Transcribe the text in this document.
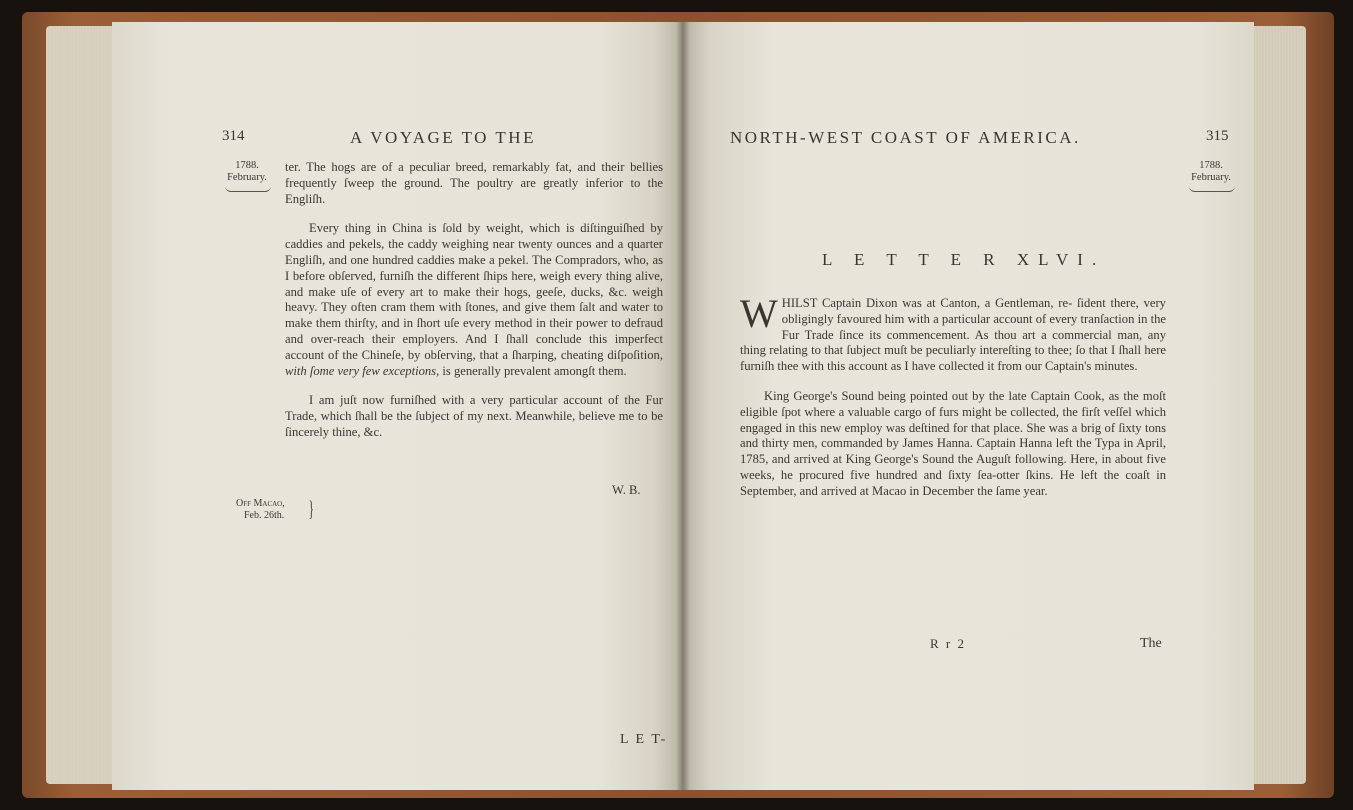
314	A VOYAGE TO THE
1788.
February.

ter. The hogs are of a peculiar breed, remarkably fat, and their bellies frequently ſweep the ground. The poultry are greatly inferior to the Engliſh.

Every thing in China is ſold by weight, which is diſtinguiſhed by caddies and pekels, the caddy weighing near twenty ounces and a quarter Engliſh, and one hundred caddies make a pekel. The Compradors, who, as I before obſerved, furniſh the different ſhips here, weigh every thing alive, and make uſe of every art to make their hogs, geeſe, ducks, &c. weigh heavy. They often cram them with ſtones, and give them ſalt and water to make them thirſty, and in ſhort uſe every method in their power to defraud and over-reach their employers. And I ſhall conclude this imperfect account of the Chineſe, by obſerving, that a ſharping, cheating diſpoſition, with ſome very few exceptions, is generally prevalent amongſt them.

I am juſt now furniſhed with a very particular account of the Fur Trade, which ſhall be the ſubject of my next. Meanwhile, believe me to be ſincerely thine, &c.

W. B.
Off Macao,
Feb. 26th. }
L E T-
NORTH-WEST COAST OF AMERICA.	315
1788.
February.
L E T T E R XLVI.

WHILST Captain Dixon was at Canton, a Gentleman, re- ſident there, very obligingly favoured him with a particular account of every tranſaction in the Fur Trade ſince its commencement. As thou art a commercial man, any thing relating to that ſubject muſt be peculiarly intereſting to thee; ſo that I ſhall here furniſh thee with this account as I have collected it from our Captain's minutes.

King George's Sound being pointed out by the late Captain Cook, as the moſt eligible ſpot where a valuable cargo of furs might be collected, the firſt veſſel which engaged in this new employ was deſtined for that place. She was a brig of ſixty tons and thirty men, commanded by James Hanna. Captain Hanna left the Typa in April, 1785, and arrived at King George's Sound the Auguſt following. Here, in about five weeks, he procured five hundred and ſixty ſea-otter ſkins. He left the coaſt in September, and arrived at Macao in December the ſame year.

R r 2	The
